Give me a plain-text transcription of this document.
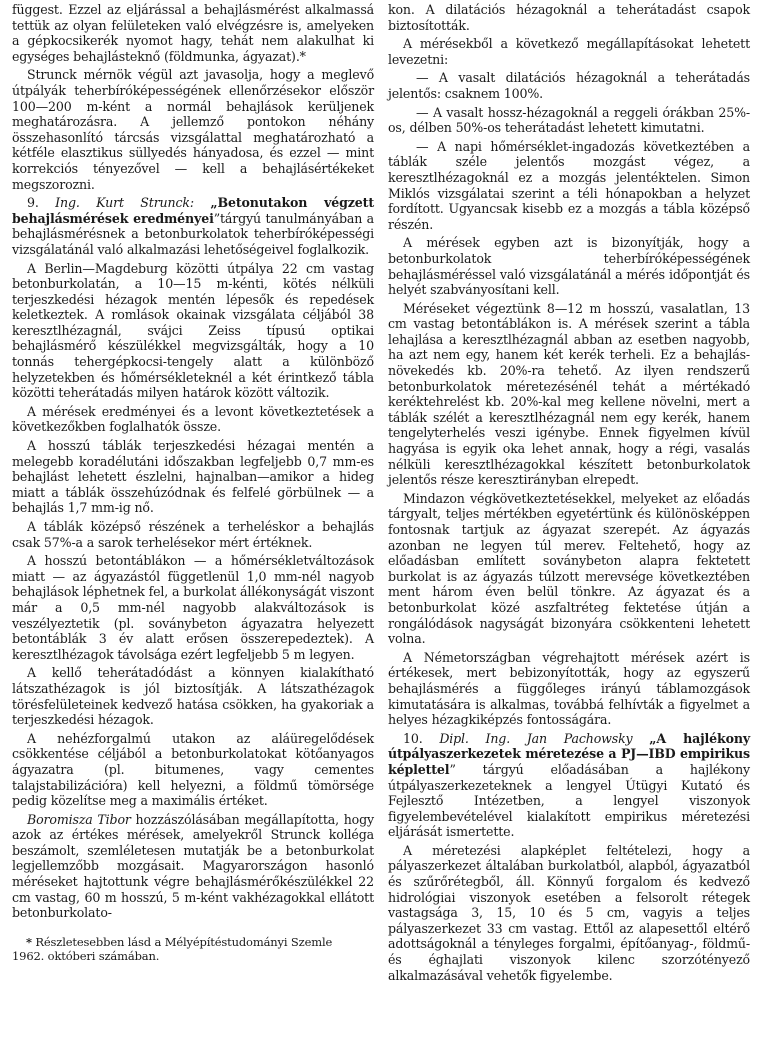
függest. Ezzel az eljárással a behajlásmérést alkalmassá tettük az olyan felületeken való elvégzésre is, amelyeken a gépkocsikerék nyomot hagy, tehát nem alakulhat ki egységes behajlásteknő (földmunka, ágyazat).*

Strunck mérnök végül azt javasolja, hogy a meglevő útpályák teherbíróképességének ellenőrzésekor először 100—200 m-ként a normál behajlások kerüljenek meghatározásra. A jellemző pontokon néhány összehasonlító tárcsás vizsgálattal meghatározható a kétféle elasztikus süllyedés hányadosa, és ezzel — mint korrekciós tényezővel — kell a behajlásértékeket megszorozni.

9. Ing. Kurt Strunck: „Betonutakon végzett behajlásmérések eredményei”tárgyú tanulmányában a behajlásmérésnek a betonburkolatok teherbíróképességi vizsgálatánál való alkalmazási lehetőségeivel foglalkozik.

A Berlin—Magdeburg közötti útpálya 22 cm vastag betonburkolatán, a 10—15 m-kénti, kötés nélküli terjeszkedési hézagok mentén lépesők és repedések keletkeztek. A romlások okainak vizsgálata céljából 38 keresztlhézagnál, svájci Zeiss típusú optikai behajlásmérő készülékkel megvizsgálták, hogy a 10 tonnás tehergépkocsi-tengely alatt a különböző helyzetekben és hőmérsékleteknél a két érintkező tábla közötti teherátadás milyen határok között változik.

A mérések eredményei és a levont következtetések a következőkben foglalhatók össze.

A hosszú táblák terjeszkedési hézagai mentén a melegebb koradélutáni időszakban legfeljebb 0,7 mm-es behajlást lehetett észlelni, hajnalban—amikor a hideg miatt a táblák összehúzódnak és felfelé görbülnek — a behajlás 1,7 mm-ig nő.

A táblák középső részének a terheléskor a behajlás csak 57%-a a sarok terhelésekor mért értéknek.

A hosszú betontáblákon — a hőmérsékletváltozások miatt — az ágyazástól függetlenül 1,0 mm-nél nagyob behajlások léphetnek fel, a burkolat állékonyságát viszont már a 0,5 mm-nél nagyobb alakváltozások is veszélyeztetik (pl. soványbeton ágyazatra helyezett betontáblák 3 év alatt erősen összerepedeztek). A keresztlhézagok távolsága ezért legfeljebb 5 m legyen.

A kellő teherátadódást a könnyen kialakítható látszathézagok is jól biztosítják. A látszathézagok törésfelületeinek kedvező hatása csökken, ha gyakoriak a terjeszkedési hézagok.

A nehézforgalmú utakon az aláüregelődések csökkentése céljából a betonburkolatokat kötőanyagos ágyazatra (pl. bitumenes, vagy cementes talajstabilizációra) kell helyezni, a földmű tömörsége pedig közelítse meg a maximális értéket.

Boromisza Tibor hozzászólásában megállapította, hogy azok az értékes mérések, amelyekről Strunck kolléga beszámolt, szemléletesen mutatják be a betonburkolat legjellemzőbb mozgásait. Magyarországon hasonló méréseket hajtottunk végre behajlásmérőkészülékkel 22 cm vastag, 60 m hosszú, 5 m-ként vakhézagokkal ellátott betonburkolato-

* Részletesebben lásd a Mélyépítéstudományi Szemle 1962. októberi számában.

kon. A dilatációs hézagoknál a teherátadást csapok biztosították.

A mérésekből a következő megállapításokat lehetett levezetni:

— A vasalt dilatációs hézagoknál a teherátadás jelentős: csaknem 100%.

— A vasalt hossz-hézagoknál a reggeli órákban 25%-os, délben 50%-os teherátadást lehetett kimutatni.

— A napi hőmérséklet-ingadozás következtében a táblák széle jelentős mozgást végez, a keresztlhézagoknál ez a mozgás jelentéktelen. Simon Miklós vizsgálatai szerint a téli hónapokban a helyzet fordított. Ugyancsak kisebb ez a mozgás a tábla középső részén.

A mérések egyben azt is bizonyítják, hogy a betonburkolatok teherbíróképességének behajlásméréssel való vizsgálatánál a mérés időpontját és helyét szabványosítani kell.

Méréseket végeztünk 8—12 m hosszú, vasalatlan, 13 cm vastag betontáblákon is. A mérések szerint a tábla lehajlása a keresztlhézagnál abban az esetben nagyobb, ha azt nem egy, hanem két kerék terheli. Ez a behajlás-növekedés kb. 20%-ra tehető. Az ilyen rendszerű betonburkolatok méretezésénél tehát a mértékadó keréktehrelést kb. 20%-kal meg kellene növelni, mert a táblák szélét a keresztlhézagnál nem egy kerék, hanem tengelyterhelés veszi igénybe. Ennek figyelmen kívül hagyása is egyik oka lehet annak, hogy a régi, vasalás nélküli keresztlhézagokkal készített betonburkolatok jelentős része keresztirányban elrepedt.

Mindazon végkövetkeztetésekkel, melyeket az előadás tárgyalt, teljes mértékben egyetértünk és különösképpen fontosnak tartjuk az ágyazat szerepét. Az ágyazás azonban ne legyen túl merev. Feltehető, hogy az előadásban említett soványbeton alapra fektetett burkolat is az ágyazás túlzott merevsége következtében ment három éven belül tönkre. Az ágyazat és a betonburkolat közé aszfaltréteg fektetése útján a rongálódások nagyságát bizonyára csökkenteni lehetett volna.

A Németországban végrehajtott mérések azért is értékesek, mert bebizonyították, hogy az egyszerű behajlásmérés a függőleges irányú táblamozgások kimutatására is alkalmas, továbbá felhívták a figyelmet a helyes hézagkiképzés fontosságára.

10. Dipl. Ing. Jan Pachowsky „A hajlékony útpályaszerkezetek méretezése a PJ—IBD empirikus képlettel” tárgyú előadásában a hajlékony útpályaszerkezeteknek a lengyel Útügyi Kutató és Fejlesztő Intézetben, a lengyel viszonyok figyelembevételével kialakított empirikus méretezési eljárását ismertette.

A méretezési alapképlet feltételezi, hogy a pályaszerkezet általában burkolatból, alapból, ágyazatból és szűrőrétegből, áll. Könnyű forgalom és kedvező hidrológiai viszonyok esetében a felsorolt rétegek vastagsága 3, 15, 10 és 5 cm, vagyis a teljes pályaszerkezet 33 cm vastag. Ettől az alapesettől eltérő adottságoknál a tényleges forgalmi, építőanyag-, földmű- és éghajlati viszonyok kilenc szorzótényező alkalmazásával vehetők figyelembe.
